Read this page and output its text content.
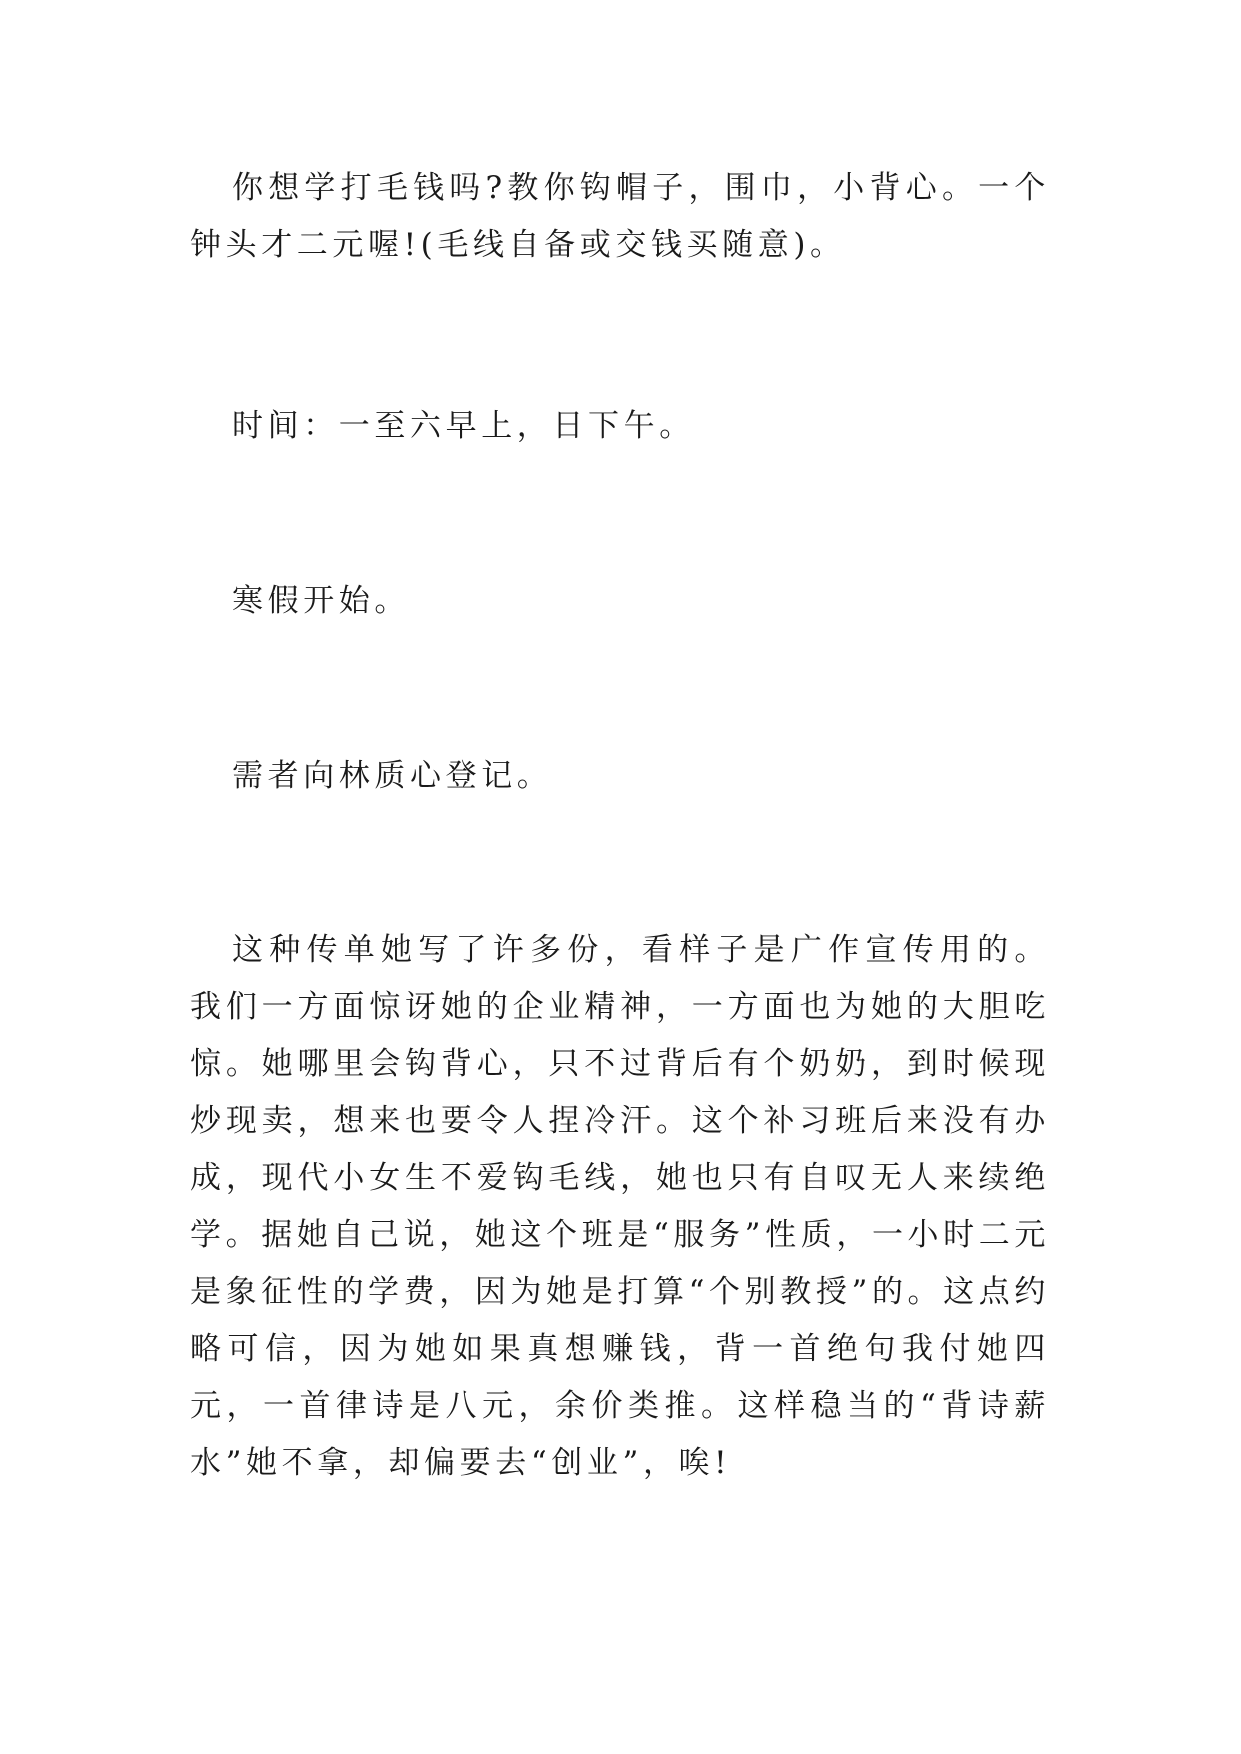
你想学打毛钱吗?教你钩帽子，围巾，小背心。一个钟头才二元喔!(毛线自备或交钱买随意)。

时间：一至六早上，日下午。

寒假开始。

需者向林质心登记。

这种传单她写了许多份，看样子是广作宣传用的。我们一方面惊讶她的企业精神，一方面也为她的大胆吃惊。她哪里会钩背心，只不过背后有个奶奶，到时候现炒现卖，想来也要令人捏冷汗。这个补习班后来没有办成，现代小女生不爱钩毛线，她也只有自叹无人来续绝学。据她自己说，她这个班是“服务”性质，一小时二元是象征性的学费，因为她是打算“个别教授”的。这点约略可信，因为她如果真想赚钱，背一首绝句我付她四元，一首律诗是八元，余价类推。这样稳当的“背诗薪水”她不拿，却偏要去“创业”，唉!
